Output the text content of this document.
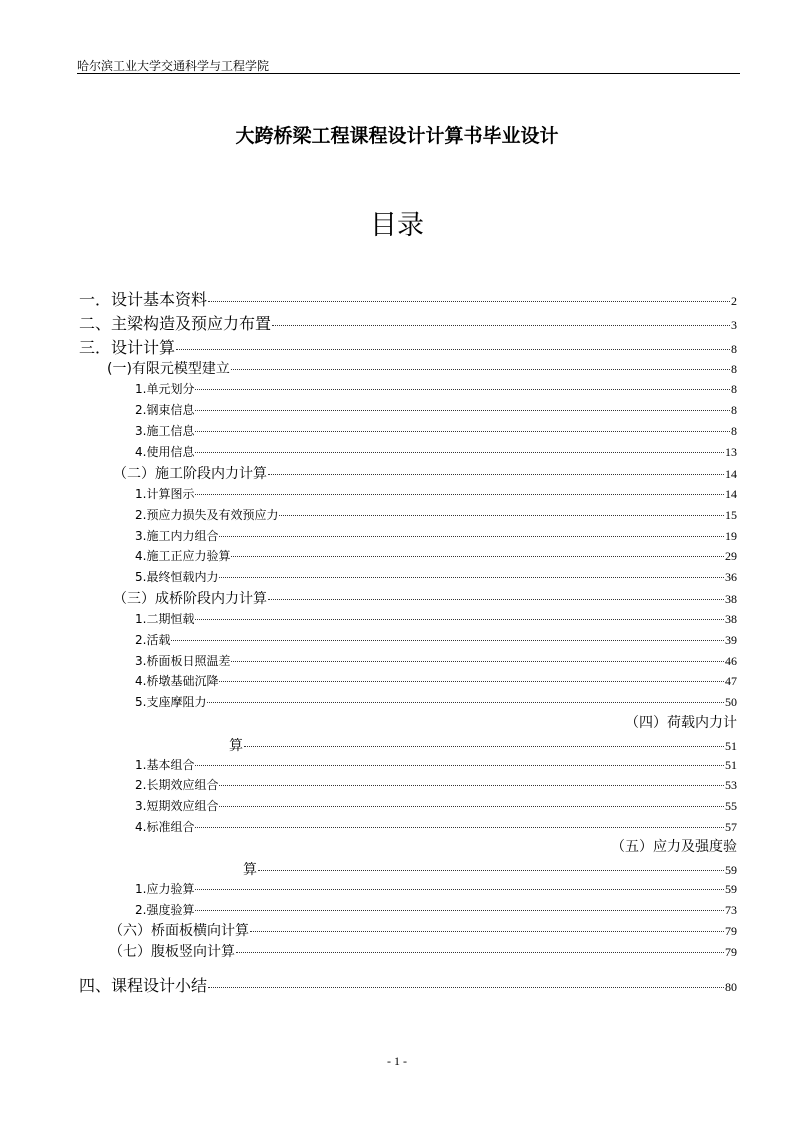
哈尔滨工业大学交通科学与工程学院
大跨桥梁工程课程设计计算书毕业设计
目录
一．设计基本资料	2
二、主梁构造及预应力布置	3
三．设计计算	8
(一)有限元模型建立	8
1.单元划分	8
2.钢束信息	8
3.施工信息	8
4.使用信息	13
（二）施工阶段内力计算	14
1.计算图示	14
2.预应力损失及有效预应力	15
3.施工内力组合	19
4.施工正应力验算	29
5.最终恒载内力	36
（三）成桥阶段内力计算	38
1.二期恒载	38
2.活载	39
3.桥面板日照温差	46
4.桥墩基础沉降	47
5.支座摩阻力	50
（四）荷载内力计
算	51
1.基本组合	51
2.长期效应组合	53
3.短期效应组合	55
4.标准组合	57
（五）应力及强度验
算	59
1.应力验算	59
2.强度验算	73
（六）桥面板横向计算	79
（七）腹板竖向计算	79
四、课程设计小结	80
- 1 -
